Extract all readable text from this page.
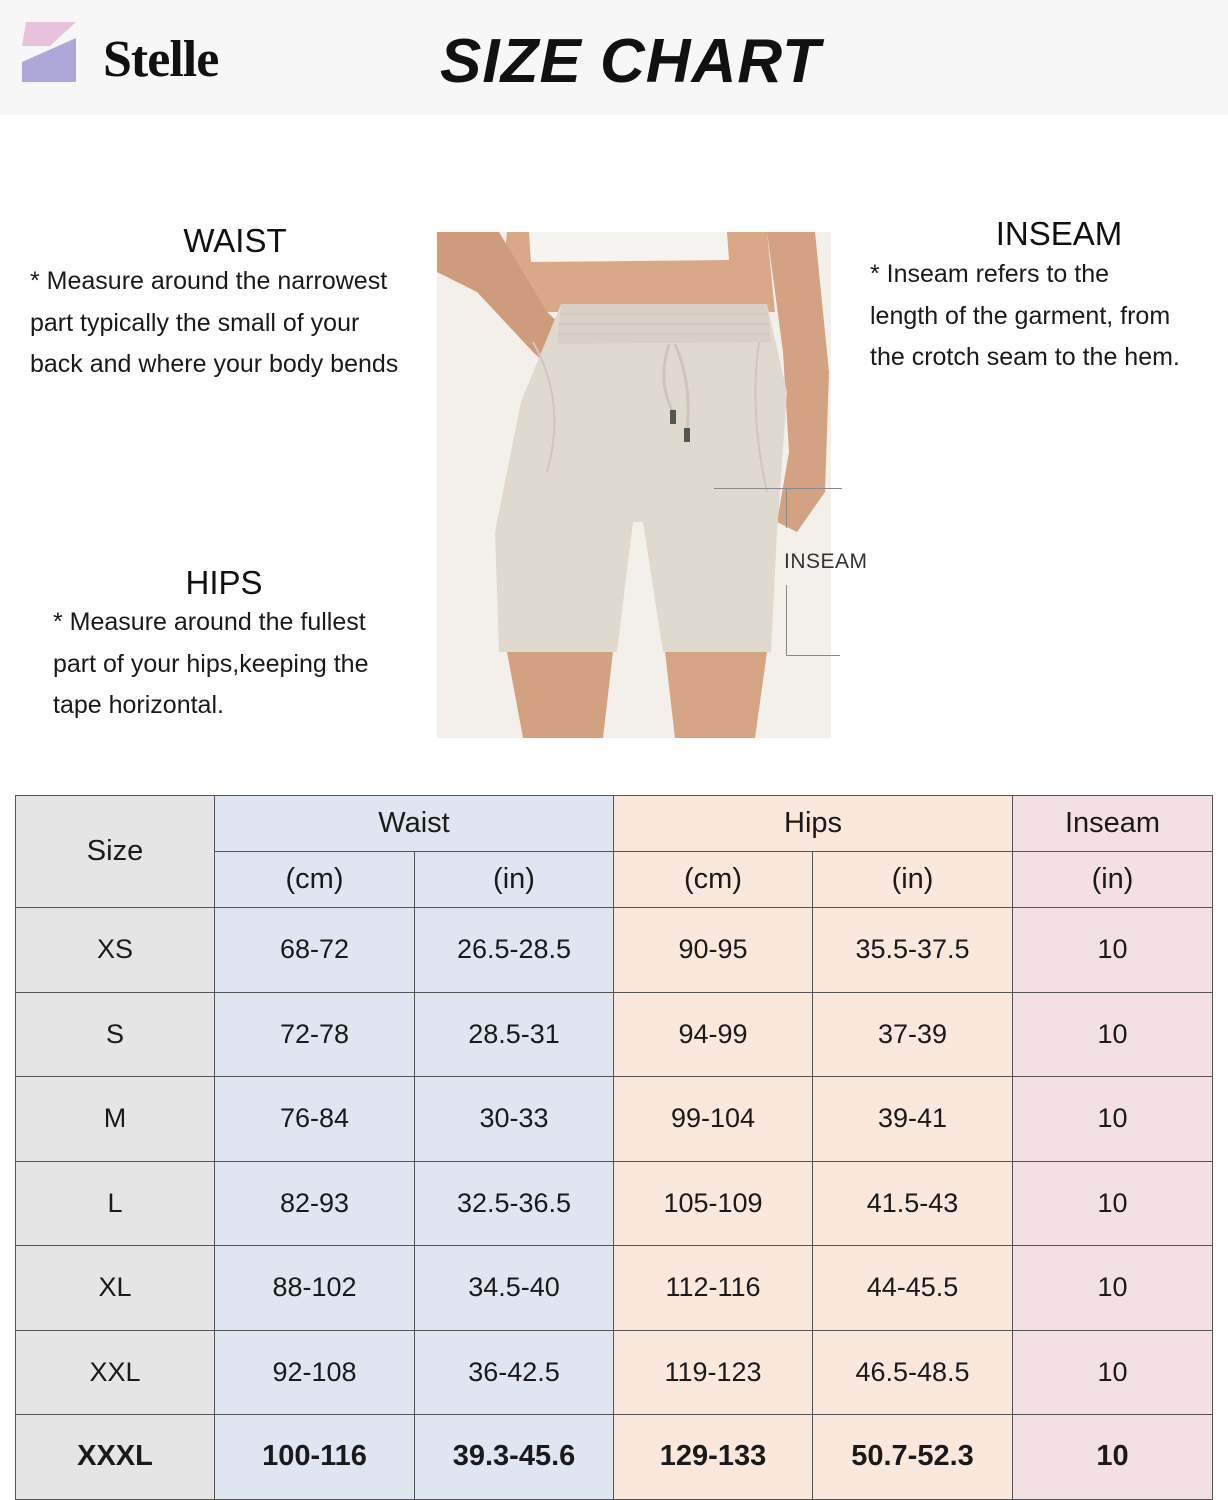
Stelle	SIZE CHART
WAIST
* Measure around the narrowest
part typically the small of your
back and where your body bends
HIPS
* Measure around the fullest
part of your hips,keeping the
tape horizontal.
INSEAM
* Inseam refers to the
length of the garment, from
the crotch seam to the hem.
INSEAM
Size	Waist		Hips		Inseam
	(cm)	(in)	(cm)	(in)	(in)
XS	68-72	26.5-28.5	90-95	35.5-37.5	10
S	72-78	28.5-31	94-99	37-39	10
M	76-84	30-33	99-104	39-41	10
L	82-93	32.5-36.5	105-109	41.5-43	10
XL	88-102	34.5-40	112-116	44-45.5	10
XXL	92-108	36-42.5	119-123	46.5-48.5	10
XXXL	100-116	39.3-45.6	129-133	50.7-52.3	10
